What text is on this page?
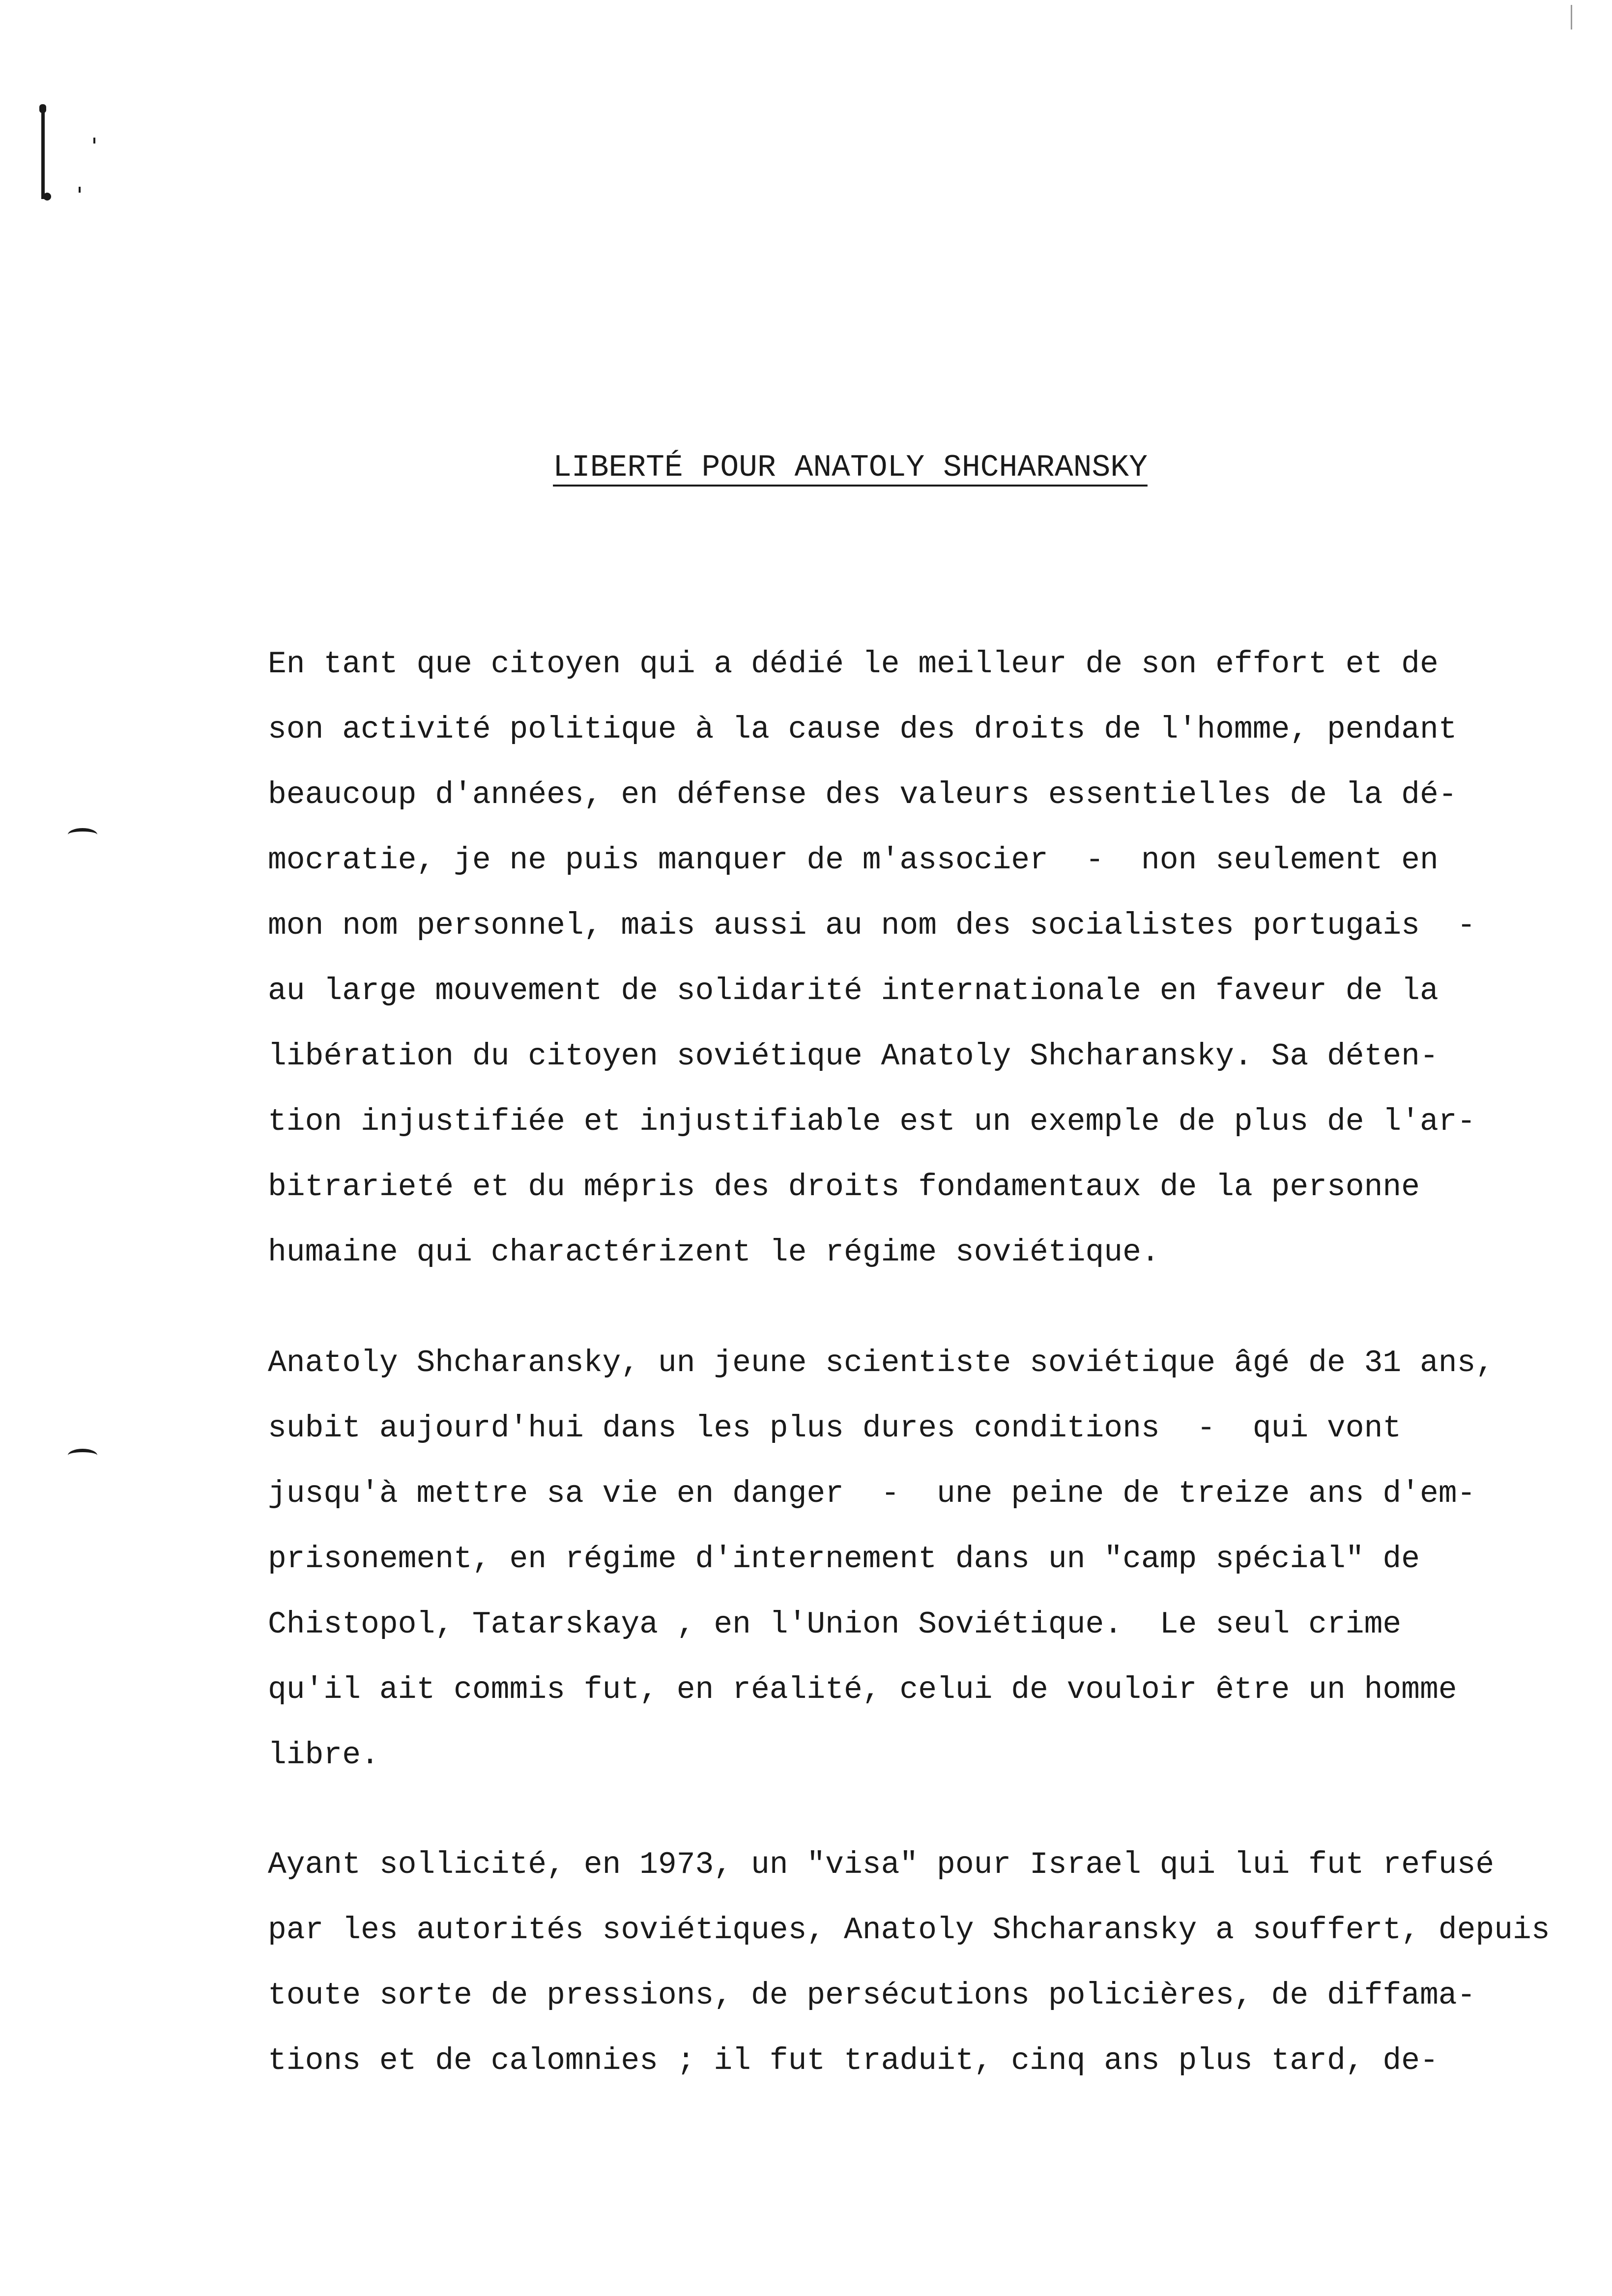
LIBERTÉ POUR ANATOLY SHCHARANSKY
En tant que citoyen qui a dédié le meilleur de son effort et de
son activité politique à la cause des droits de l'homme, pendant
beaucoup d'années, en défense des valeurs essentielles de la dé-
mocratie, je ne puis manquer de m'associer  -  non seulement en
mon nom personnel, mais aussi au nom des socialistes portugais  -
au large mouvement de solidarité internationale en faveur de la
libération du citoyen soviétique Anatoly Shcharansky. Sa déten-
tion injustifiée et injustifiable est un exemple de plus de l'ar-
bitrarieté et du mépris des droits fondamentaux de la personne
humaine qui charactérizent le régime soviétique.
Anatoly Shcharansky, un jeune scientiste soviétique âgé de 31 ans,
subit aujourd'hui dans les plus dures conditions  -  qui vont
jusqu'à mettre sa vie en danger  -  une peine de treize ans d'em-
prisonement, en régime d'internement dans un "camp spécial" de
Chistopol, Tatarskaya , en l'Union Soviétique.  Le seul crime
qu'il ait commis fut, en réalité, celui de vouloir être un homme
libre.
Ayant sollicité, en 1973, un "visa" pour Israel qui lui fut refusé
par les autorités soviétiques, Anatoly Shcharansky a souffert, depuis
toute sorte de pressions, de persécutions policières, de diffama-
tions et de calomnies ; il fut traduit, cinq ans plus tard, de-
